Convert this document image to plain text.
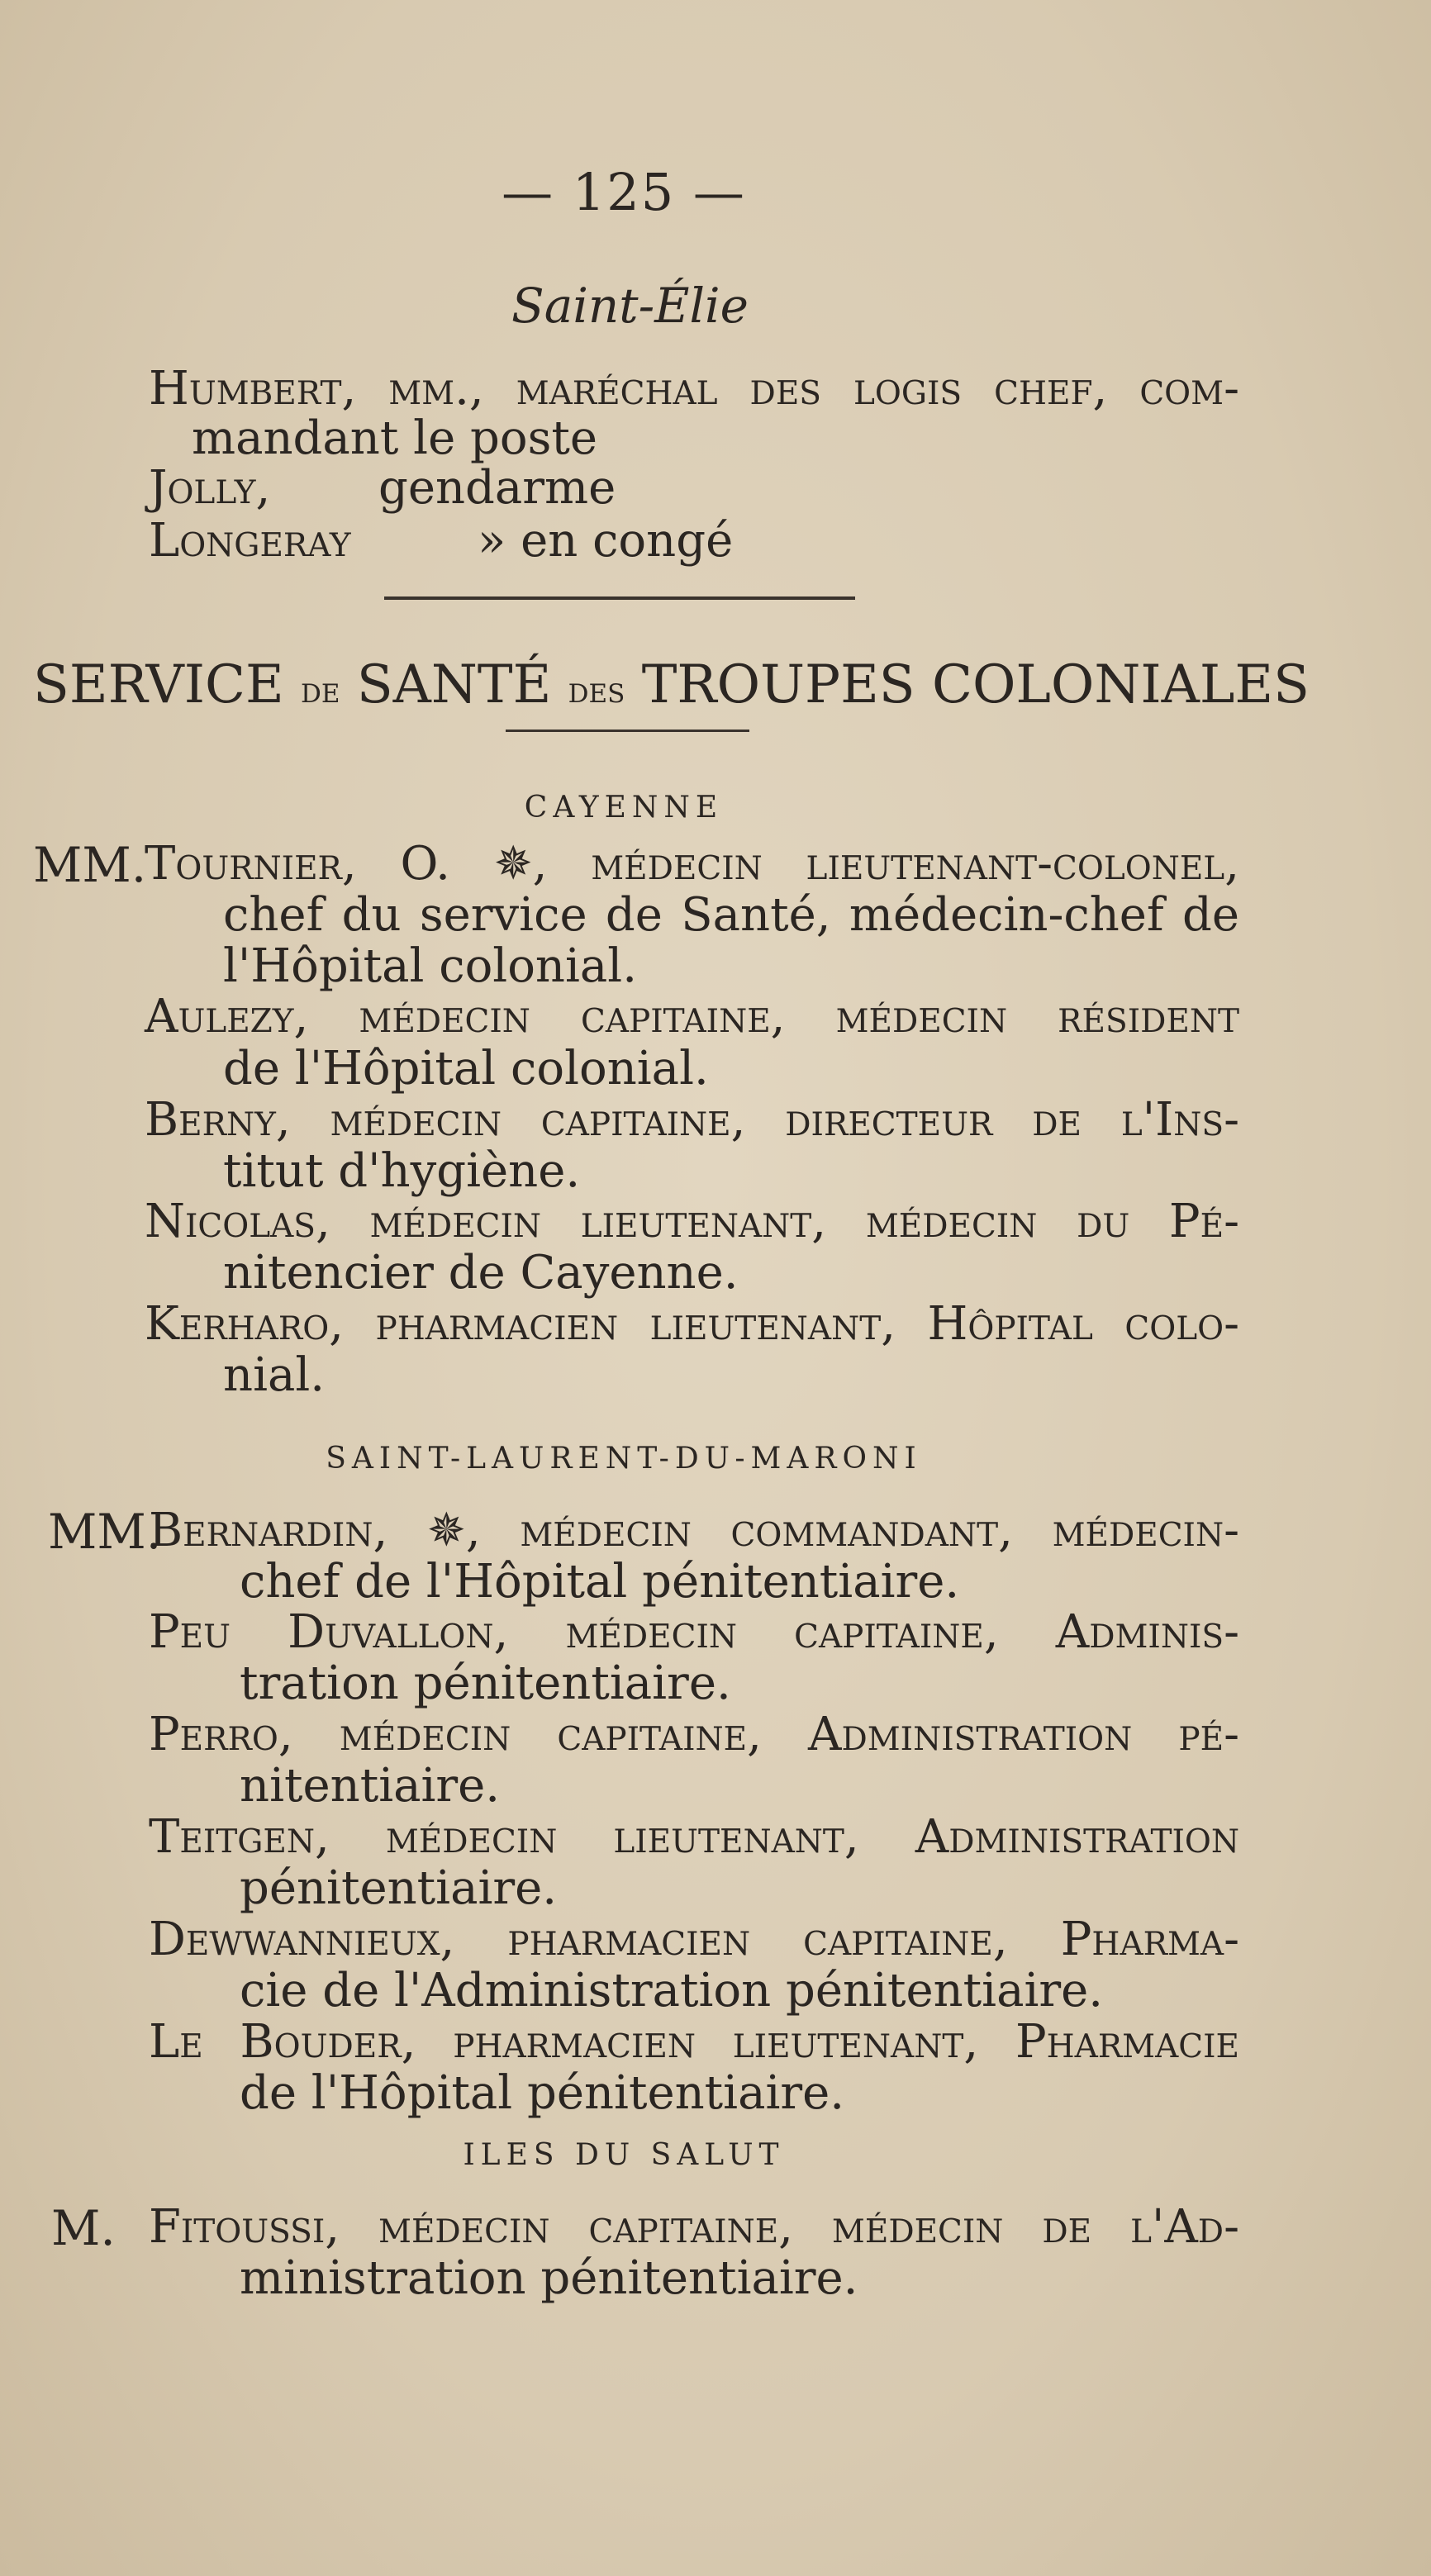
— 125 —
Saint-Élie
Humbert, mm., maréchal des logis chef, com-
mandant le poste
Jolly, gendarme
Longeray	» en congé
SERVICE de SANTÉ des TROUPES COLONIALES
CAYENNE
MM.
Tournier, O. ✵, médecin lieutenant-colonel,
chef du service de Santé, médecin-chef de
l'Hôpital colonial.
Aulezy, médecin capitaine, médecin résident
de l'Hôpital colonial.
Berny, médecin capitaine, directeur de l'Ins-
titut d'hygiène.
Nicolas, médecin lieutenant, médecin du Pé-
nitencier de Cayenne.
Kerharo, pharmacien lieutenant, Hôpital colo-
nial.
SAINT-LAURENT-DU-MARONI
MM.
Bernardin, ✵, médecin commandant, médecin-
chef de l'Hôpital pénitentiaire.
Peu Duvallon, médecin capitaine, Adminis-
tration pénitentiaire.
Perro, médecin capitaine, Administration pé-
nitentiaire.
Teitgen, médecin lieutenant, Administration
pénitentiaire.
Dewwannieux, pharmacien capitaine, Pharma-
cie de l'Administration pénitentiaire.
Le Bouder, pharmacien lieutenant, Pharmacie
de l'Hôpital pénitentiaire.
ILES DU SALUT
M. Fitoussi, médecin capitaine, médecin de l'Ad-
ministration pénitentiaire.
